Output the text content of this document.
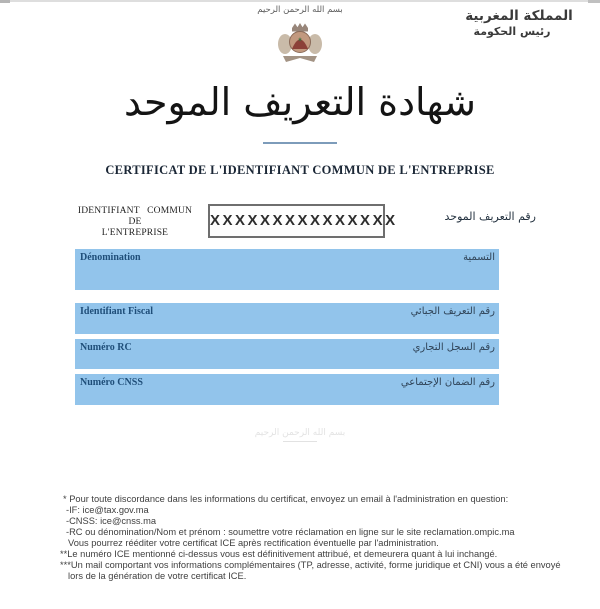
المملكة المغربية
رئيس الحكومة
بسم الله الرحمن الرحيم
شهادة التعريف الموحد
CERTIFICAT DE L'IDENTIFIANT COMMUN DE L'ENTREPRISE
IDENTIFIANT COMMUN DE
L'ENTREPRISE
XXXXXXXXXXXXXXX	رقم التعريف الموحد
Dénomination	التسمية
Identifiant Fiscal	رقم التعريف الجبائي
Numéro RC	رقم السجل التجاري
Numéro CNSS	رقم الضمان الإجتماعي
بسم الله الرحمن الرحيم
* Pour toute discordance dans les informations du certificat, envoyez un email à l'administration en question:
-IF: ice@tax.gov.ma
-CNSS: ice@cnss.ma
-RC ou dénomination/Nom et prénom : soumettre votre réclamation en ligne sur le site reclamation.ompic.ma
Vous pourrez rééditer votre certificat ICE après rectification éventuelle par l'administration.
**Le numéro ICE mentionné ci-dessus vous est définitivement attribué, et demeurera quant à lui inchangé.
***Un mail comportant vos informations complémentaires (TP, adresse, activité, forme juridique et CNI) vous a été envoyé
lors de la génération de votre certificat ICE.
